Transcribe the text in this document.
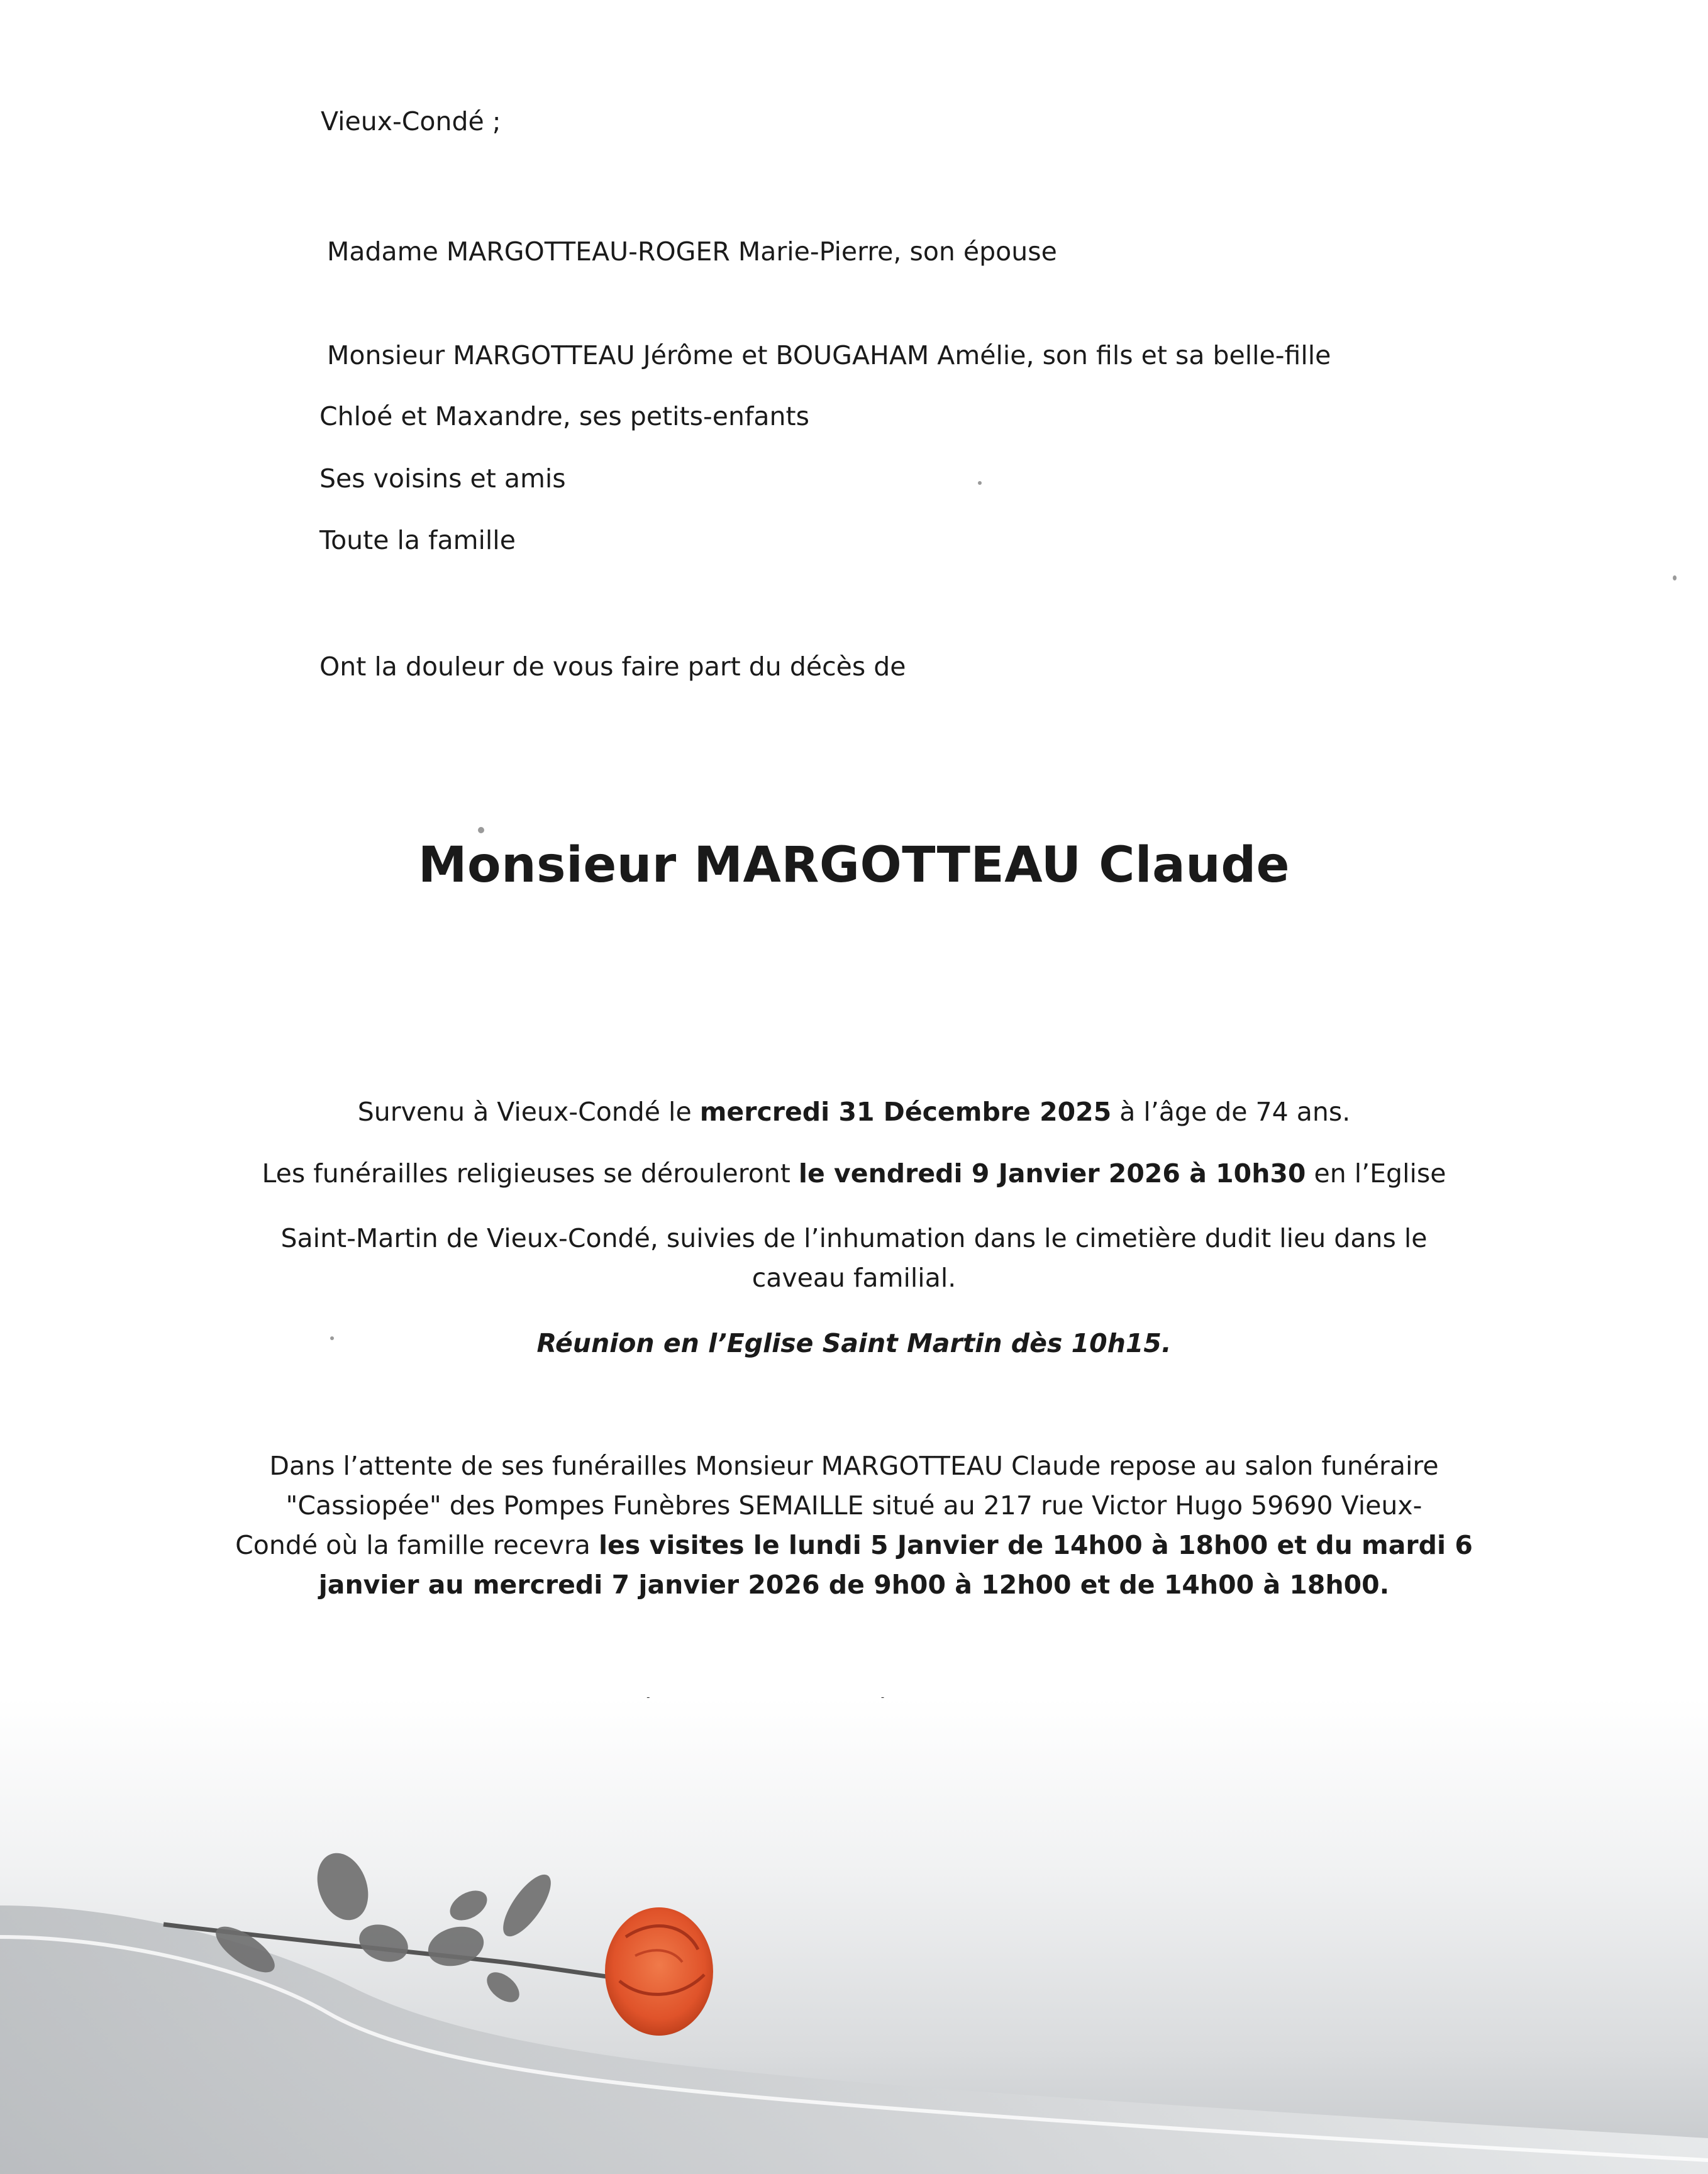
Vieux-Condé ;
Madame MARGOTTEAU-ROGER Marie-Pierre, son épouse
Monsieur MARGOTTEAU Jérôme et BOUGAHAM Amélie, son fils et sa belle-fille
Chloé et Maxandre, ses petits-enfants
Ses voisins et amis
Toute la famille
Ont la douleur de vous faire part du décès de
Monsieur MARGOTTEAU Claude
Survenu à Vieux-Condé le mercredi 31 Décembre 2025 à l’âge de 74 ans.
Les funérailles religieuses se dérouleront le vendredi 9 Janvier 2026 à 10h30 en l’Eglise
Saint-Martin de Vieux-Condé, suivies de l’inhumation dans le cimetière dudit lieu dans le
caveau familial.
Réunion en l’Eglise Saint Martin dès 10h15.
Dans l’attente de ses funérailles Monsieur MARGOTTEAU Claude repose au salon funéraire
"Cassiopée" des Pompes Funèbres SEMAILLE situé au 217 rue Victor Hugo 59690 Vieux-
Condé où la famille recevra les visites le lundi 5 Janvier de 14h00 à 18h00 et du mardi 6
janvier au mercredi 7 janvier 2026 de 9h00 à 12h00 et de 14h00 à 18h00.
